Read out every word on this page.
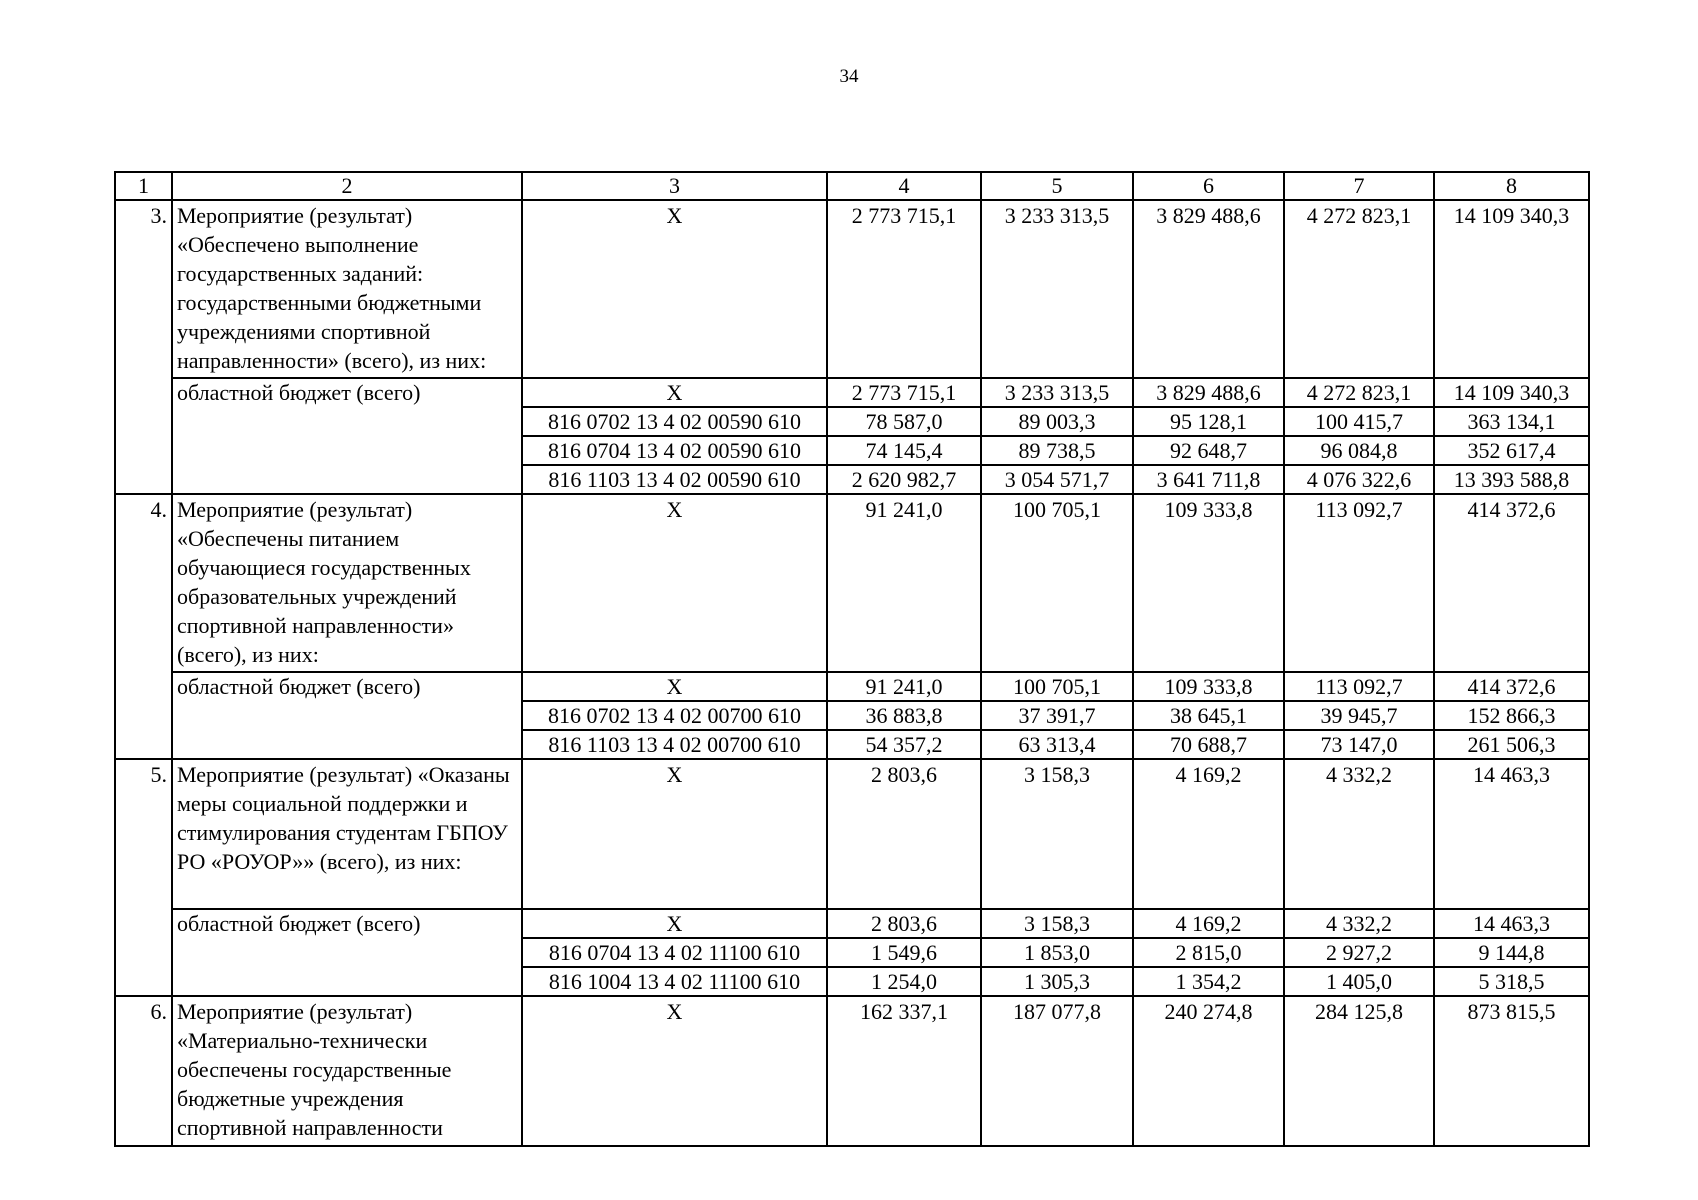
34
1	2	3	4	5	6	7	8
3.	Мероприятие (результат) «Обеспечено выполнение государственных заданий: государственными бюджетными учреждениями спортивной направленности» (всего), из них:	X	2 773 715,1	3 233 313,5	3 829 488,6	4 272 823,1	14 109 340,3
	областной бюджет (всего)	X	2 773 715,1	3 233 313,5	3 829 488,6	4 272 823,1	14 109 340,3
		816 0702 13 4 02 00590 610	78 587,0	89 003,3	95 128,1	100 415,7	363 134,1
		816 0704 13 4 02 00590 610	74 145,4	89 738,5	92 648,7	96 084,8	352 617,4
		816 1103 13 4 02 00590 610	2 620 982,7	3 054 571,7	3 641 711,8	4 076 322,6	13 393 588,8
4.	Мероприятие (результат) «Обеспечены питанием обучающиеся государственных образовательных учреждений спортивной направленности» (всего), из них:	X	91 241,0	100 705,1	109 333,8	113 092,7	414 372,6
	областной бюджет (всего)	X	91 241,0	100 705,1	109 333,8	113 092,7	414 372,6
		816 0702 13 4 02 00700 610	36 883,8	37 391,7	38 645,1	39 945,7	152 866,3
		816 1103 13 4 02 00700 610	54 357,2	63 313,4	70 688,7	73 147,0	261 506,3
5.	Мероприятие (результат) «Оказаны меры социальной поддержки и стимулирования студентам ГБПОУ РО «РОУОР»» (всего), из них:	X	2 803,6	3 158,3	4 169,2	4 332,2	14 463,3
	областной бюджет (всего)	X	2 803,6	3 158,3	4 169,2	4 332,2	14 463,3
		816 0704 13 4 02 11100 610	1 549,6	1 853,0	2 815,0	2 927,2	9 144,8
		816 1004 13 4 02 11100 610	1 254,0	1 305,3	1 354,2	1 405,0	5 318,5
6.	Мероприятие (результат) «Материально-технически обеспечены государственные бюджетные учреждения спортивной направленности	X	162 337,1	187 077,8	240 274,8	284 125,8	873 815,5
